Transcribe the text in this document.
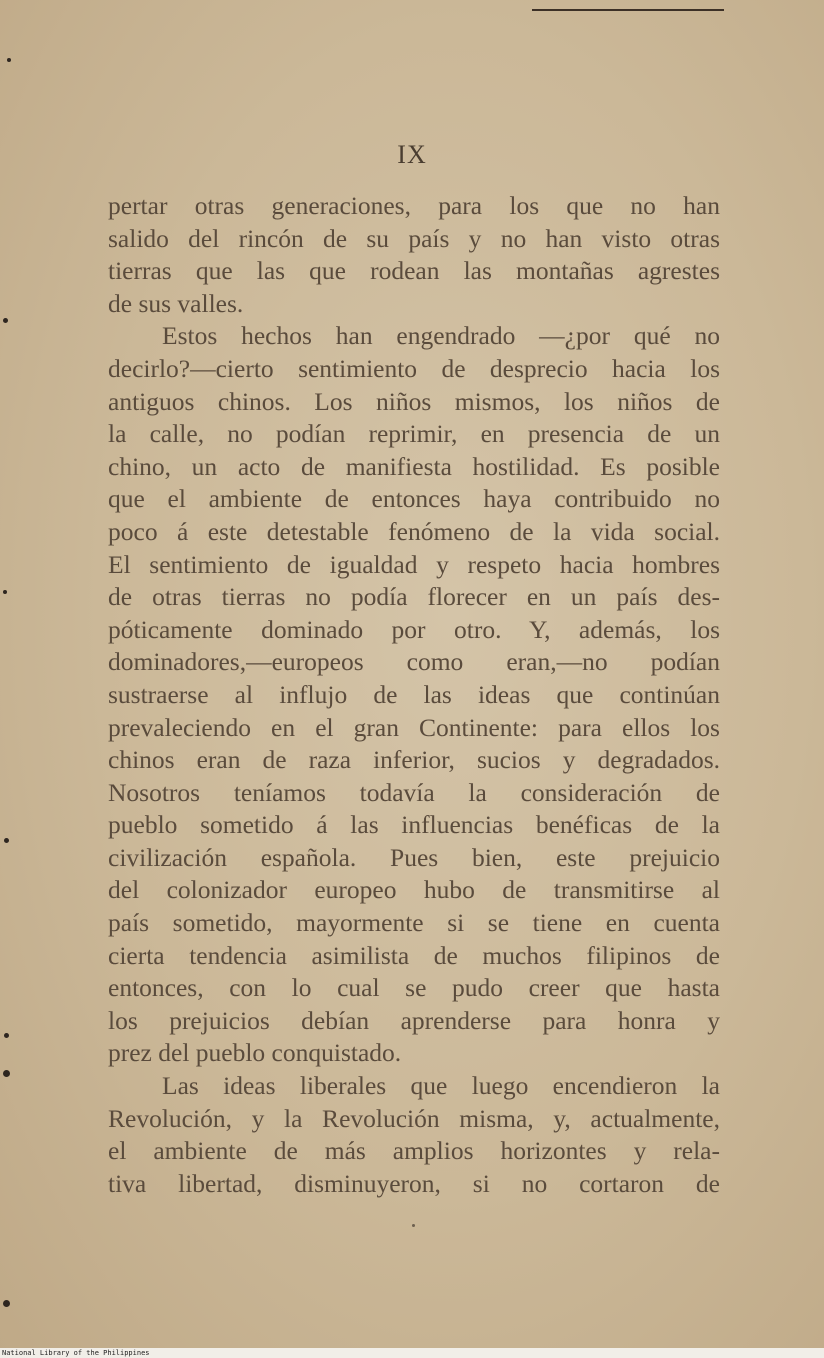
IX
pertar otras generaciones, para los que no han
salido del rincón de su país y no han visto otras
tierras que las que rodean las montañas agrestes
de sus valles.
Estos hechos han engendrado —¿por qué no
decirlo?—cierto sentimiento de desprecio hacia los
antiguos chinos. Los niños mismos, los niños de
la calle, no podían reprimir, en presencia de un
chino, un acto de manifiesta hostilidad. Es posible
que el ambiente de entonces haya contribuido no
poco á este detestable fenómeno de la vida social.
El sentimiento de igualdad y respeto hacia hombres
de otras tierras no podía florecer en un país des-
póticamente dominado por otro. Y, además, los
dominadores,—europeos como eran,—no podían
sustraerse al influjo de las ideas que continúan
prevaleciendo en el gran Continente: para ellos los
chinos eran de raza inferior, sucios y degradados.
Nosotros teníamos todavía la consideración de
pueblo sometido á las influencias benéficas de la
civilización española. Pues bien, este prejuicio
del colonizador europeo hubo de transmitirse al
país sometido, mayormente si se tiene en cuenta
cierta tendencia asimilista de muchos filipinos de
entonces, con lo cual se pudo creer que hasta
los prejuicios debían aprenderse para honra y
prez del pueblo conquistado.
Las ideas liberales que luego encendieron la
Revolución, y la Revolución misma, y, actualmente,
el ambiente de más amplios horizontes y rela-
tiva libertad, disminuyeron, si no cortaron de
National Library of the Philippines
